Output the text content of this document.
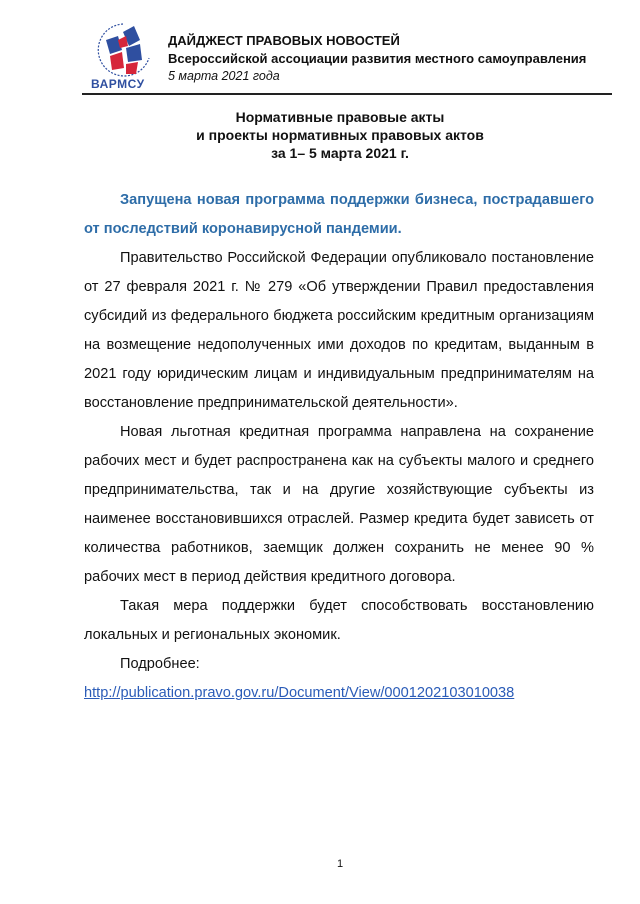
ВАРМСУ
ДАЙДЖЕСТ ПРАВОВЫХ НОВОСТЕЙ
Всероссийской ассоциации развития местного самоуправления
5 марта 2021 года
Нормативные правовые акты
и проекты нормативных правовых актов
за 1– 5 марта 2021 г.

Запущена новая программа поддержки бизнеса, пострадавшего от последствий коронавирусной пандемии.

Правительство Российской Федерации опубликовало постановление от 27 февраля 2021 г. № 279 «Об утверждении Правил предоставления субсидий из федерального бюджета российским кредитным организациям на возмещение недополученных ими доходов по кредитам, выданным в 2021 году юридическим лицам и индивидуальным предпринимателям на восстановление предпринимательской деятельности».

Новая льготная кредитная программа направлена на сохранение рабочих мест и будет распространена как на субъекты малого и среднего предпринимательства, так и на другие хозяйствующие субъекты из наименее восстановившихся отраслей. Размер кредита будет зависеть от количества работников, заемщик должен сохранить не менее 90 % рабочих мест в период действия кредитного договора.

Такая мера поддержки будет способствовать восстановлению локальных и региональных экономик.

Подробнее:

http://publication.pravo.gov.ru/Document/View/0001202103010038
1
